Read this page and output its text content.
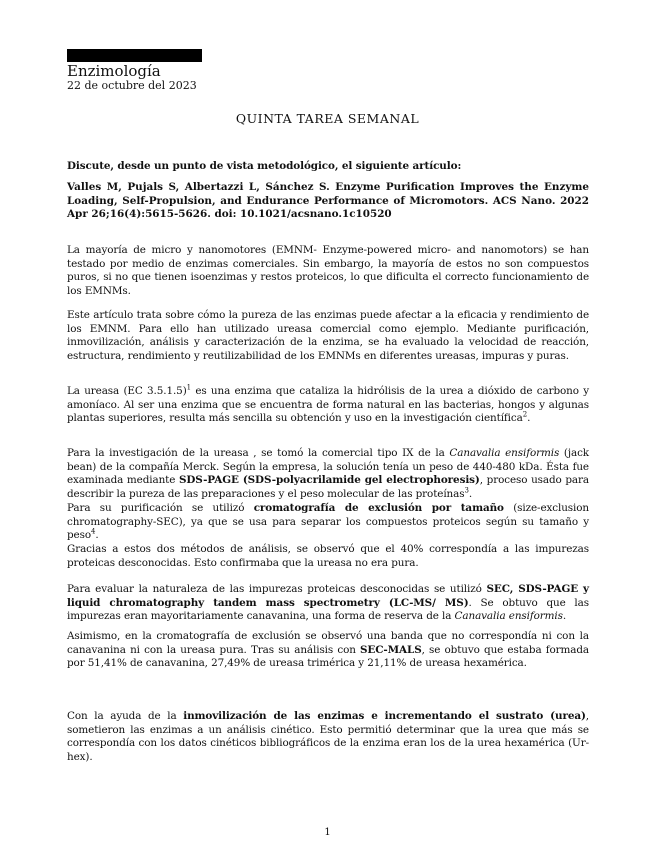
Enzimología
22 de octubre del 2023
QUINTA TAREA SEMANAL
Discute, desde un punto de vista metodológico, el siguiente artículo:
Valles M, Pujals S, Albertazzi L, Sánchez S. Enzyme Purification Improves the Enzyme Loading, Self-Propulsion, and Endurance Performance of Micromotors. ACS Nano. 2022 Apr 26;16(4):5615-5626. doi: 10.1021/acsnano.1c10520
La mayoría de micro y nanomotores (EMNM- Enzyme-powered micro- and nanomotors) se han testado por medio de enzimas comerciales. Sin embargo, la mayoría de estos no son compuestos puros, si no que tienen isoenzimas y restos proteicos, lo que dificulta el correcto funcionamiento de los EMNMs.
Este artículo trata sobre cómo la pureza de las enzimas puede afectar a la eficacia y rendimiento de los EMNM. Para ello han utilizado ureasa comercial como ejemplo. Mediante purificación, inmovilización, análisis y caracterización de la enzima, se ha evaluado la velocidad de reacción, estructura, rendimiento y reutilizabilidad de los EMNMs en diferentes ureasas, impuras y puras.
La ureasa (EC 3.5.1.5)$^1$ es una enzima que cataliza la hidrólisis de la urea a dióxido de carbono y amoníaco. Al ser una enzima que se encuentra de forma natural en las bacterias, hongos y algunas plantas superiores, resulta más sencilla su obtención y uso en la investigación científica$^2$.
Para la investigación de la ureasa , se tomó la comercial tipo IX de la Canavalia ensiformis (jack bean) de la compañía Merck. Según la empresa, la solución tenía un peso de 440-480 kDa. Ésta fue examinada mediante SDS-PAGE (SDS-polyacrilamide gel electrophoresis), proceso usado para describir la pureza de las preparaciones y el peso molecular de las proteínas$^3$.
Para su purificación se utilizó cromatografía de exclusión por tamaño (size-exclusion chromatography-SEC), ya que se usa para separar los compuestos proteicos según su tamaño y peso$^4$.
Gracias a estos dos métodos de análisis, se observó que el 40% correspondía a las impurezas proteicas desconocidas. Esto confirmaba que la ureasa no era pura.
Para evaluar la naturaleza de las impurezas proteicas desconocidas se utilizó SEC, SDS-PAGE y liquid chromatography tandem mass spectrometry (LC-MS/ MS). Se obtuvo que las impurezas eran mayoritariamente canavanina, una forma de reserva de la Canavalia ensiformis.
Asimismo, en la cromatografía de exclusión se observó una banda que no correspondía ni con la canavanina ni con la ureasa pura. Tras su análisis con SEC-MALS, se obtuvo que estaba formada por 51,41% de canavanina, 27,49% de ureasa trimérica y 21,11% de ureasa hexamérica.
Con la ayuda de la inmovilización de las enzimas e incrementando el sustrato (urea), sometieron las enzimas a un análisis cinético. Esto permitió determinar que la urea que más se correspondía con los datos cinéticos bibliográficos de la enzima eran los de la urea hexamérica (Ur-hex).
1
